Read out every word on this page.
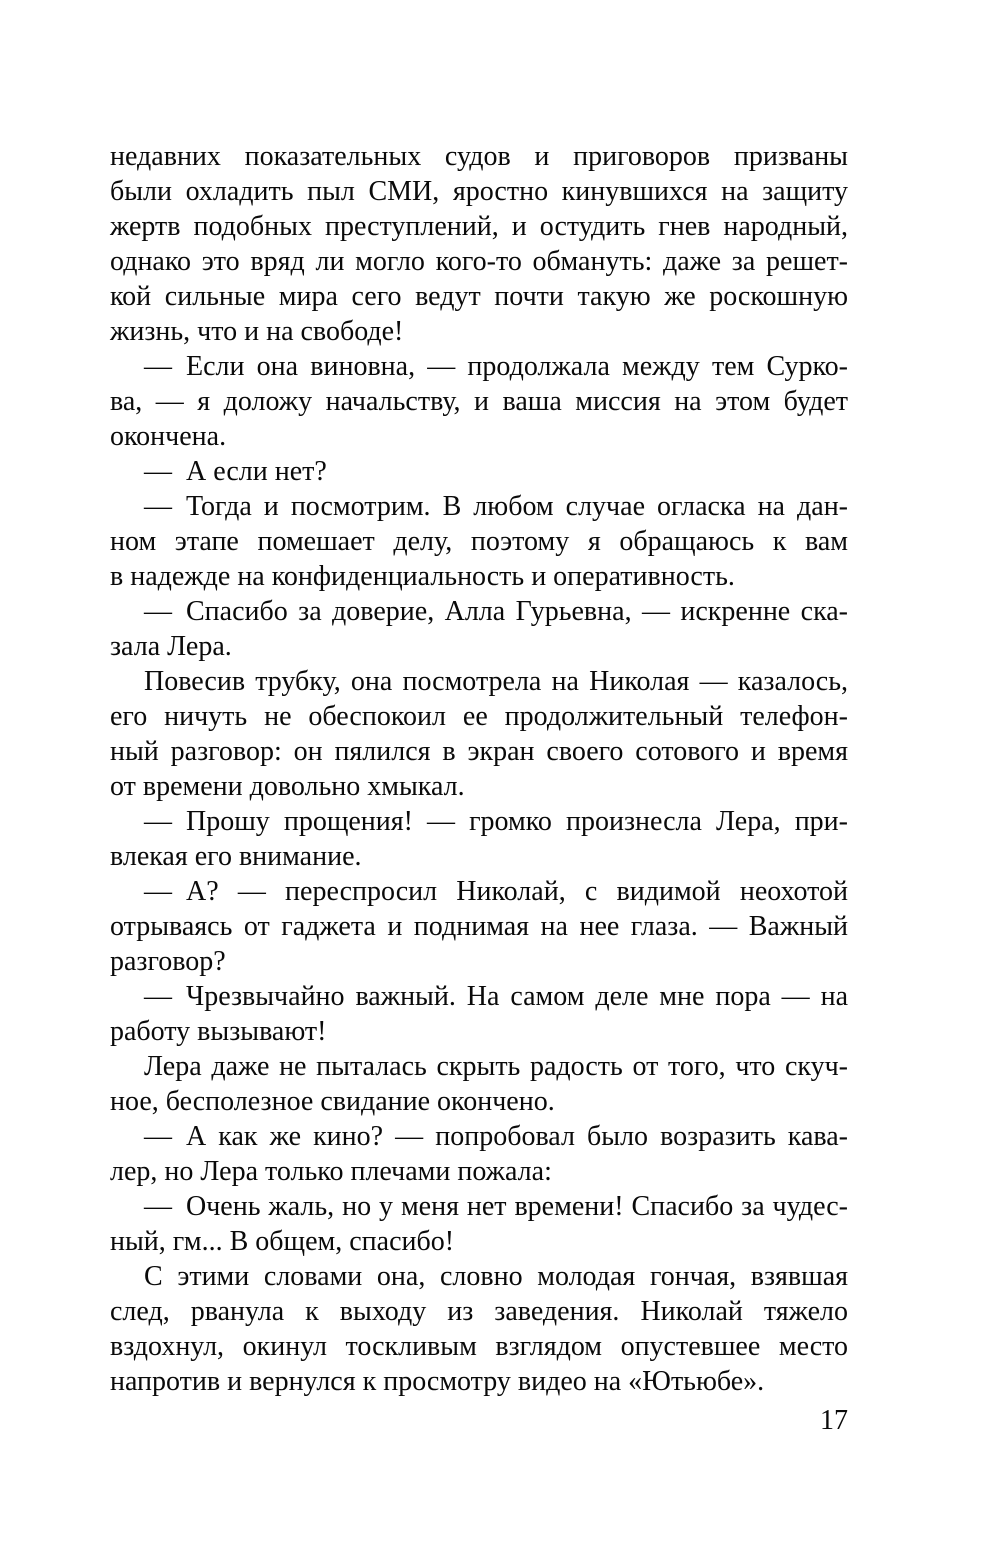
недавних показательных судов и приговоров призваны
были охладить пыл СМИ, яростно кинувшихся на защиту
жертв подобных преступлений, и остудить гнев народный,
однако это вряд ли могло кого-то обмануть: даже за решет-
кой сильные мира сего ведут почти такую же роскошную
жизнь, что и на свободе!
— Если она виновна, — продолжала между тем Сурко-
ва, — я доложу начальству, и ваша миссия на этом будет
окончена.
— А если нет?
— Тогда и посмотрим. В любом случае огласка на дан-
ном этапе помешает делу, поэтому я обращаюсь к вам
в надежде на конфиденциальность и оперативность.
— Спасибо за доверие, Алла Гурьевна, — искренне ска-
зала Лера.
Повесив трубку, она посмотрела на Николая — казалось,
его ничуть не обеспокоил ее продолжительный телефон-
ный разговор: он пялился в экран своего сотового и время
от времени довольно хмыкал.
— Прошу прощения! — громко произнесла Лера, при-
влекая его внимание.
— А? — переспросил Николай, с видимой неохотой
отрываясь от гаджета и поднимая на нее глаза. — Важный
разговор?
— Чрезвычайно важный. На самом деле мне пора — на
работу вызывают!
Лера даже не пыталась скрыть радость от того, что скуч-
ное, бесполезное свидание окончено.
— А как же кино? — попробовал было возразить кава-
лер, но Лера только плечами пожала:
— Очень жаль, но у меня нет времени! Спасибо за чудес-
ный, гм... В общем, спасибо!
С этими словами она, словно молодая гончая, взявшая
след, рванула к выходу из заведения. Николай тяжело
вздохнул, окинул тоскливым взглядом опустевшее место
напротив и вернулся к просмотру видео на «Ютьюбе».
17
